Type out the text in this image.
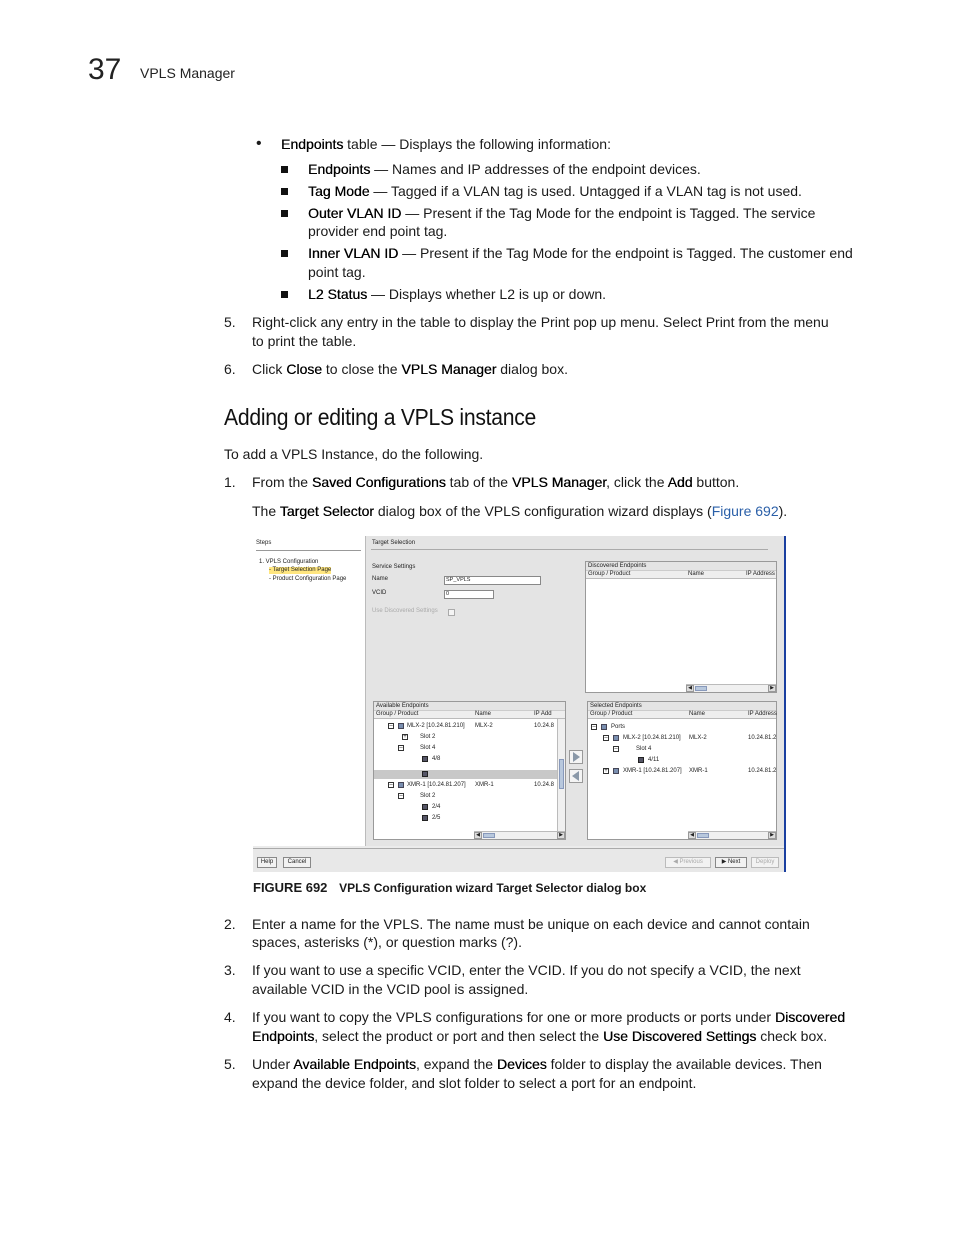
37 VPLS Manager
• Endpoints table — Displays the following information:
Endpoints — Names and IP addresses of the endpoint devices.
Tag Mode — Tagged if a VLAN tag is used. Untagged if a VLAN tag is not used.
Outer VLAN ID — Present if the Tag Mode for the endpoint is Tagged. The service
provider end point tag.
Inner VLAN ID — Present if the Tag Mode for the endpoint is Tagged. The customer end
point tag.
L2 Status — Displays whether L2 is up or down.
5. Right-click any entry in the table to display the Print pop up menu. Select Print from the menu
to print the table.
6. Click Close to close the VPLS Manager dialog box.
Adding or editing a VPLS instance
To add a VPLS Instance, do the following.
1. From the Saved Configurations tab of the VPLS Manager, click the Add button.
The Target Selector dialog box of the VPLS configuration wizard displays (Figure 692).
Steps
1. VPLS Configuration
- Target Selection Page
- Product Configuration Page
Target Selection
Service Settings
Name	SP_VPLS
VCID	0
Use Discovered Settings
Discovered Endpoints
Group / Product	Name	IP Address
◀	▶
Available Endpoints
Group / Product	Name	IP Add
– MLX-2 [10.24.81.210] MLX-2	10.24.8
+ Slot 2
–	Slot 4
4/8
4/9
– XMR-1 [10.24.81.207] XMR-1	10.24.8
–	Slot 2
2/4
2/5
◀	▶
Selected Endpoints
Group / Product	Name	IP Address
–	Ports
–	MLX-2 [10.24.81.210] MLX-2	10.24.81.2
–	Slot 4
4/11
+	XMR-1 [10.24.81.207] XMR-1	10.24.81.2
◀	▶
Help	Cancel	◀ Previous	▶ Next	Deploy
FIGURE 692 VPLS Configuration wizard Target Selector dialog box
2. Enter a name for the VPLS. The name must be unique on each device and cannot contain
spaces, asterisks (*), or question marks (?).
3. If you want to use a specific VCID, enter the VCID. If you do not specify a VCID, the next
available VCID in the VCID pool is assigned.
4. If you want to copy the VPLS configurations for one or more products or ports under Discovered
Endpoints, select the product or port and then select the Use Discovered Settings check box.
5. Under Available Endpoints, expand the Devices folder to display the available devices. Then
expand the device folder, and slot folder to select a port for an endpoint.
